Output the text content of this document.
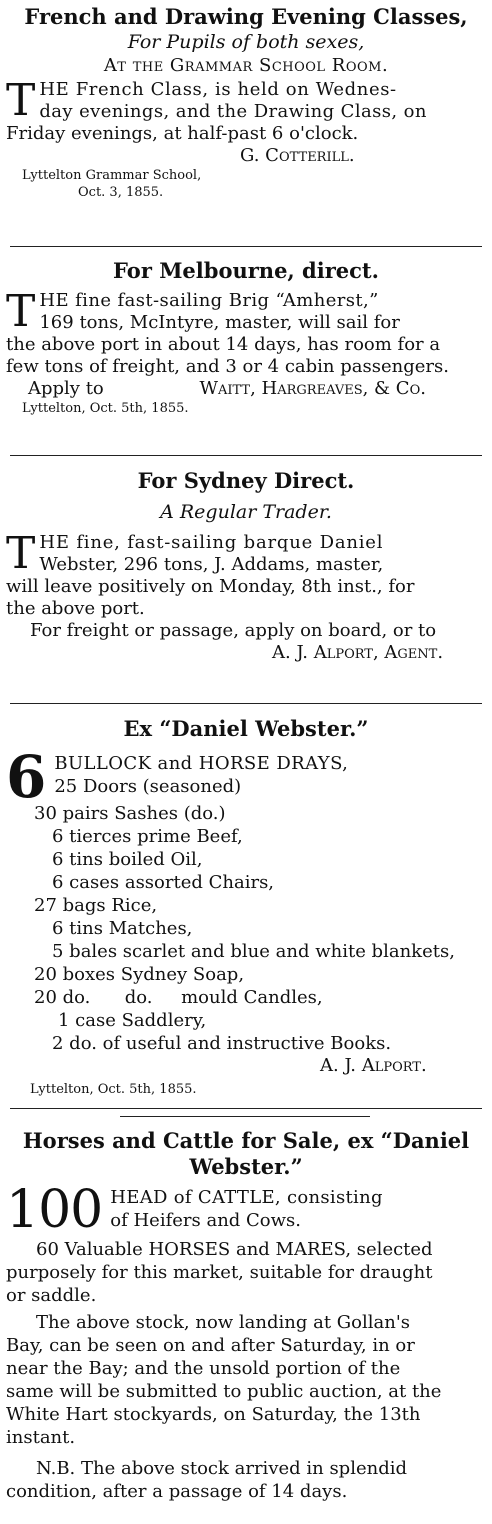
French and Drawing Evening Classes,
For Pupils of both sexes,
At the Grammar School Room.
T HE French Class, is held on Wednes-
day evenings, and the Drawing Class, on
Friday evenings, at half-past 6 o'clock.
G. Cotterill.
Lyttelton Grammar School,
Oct. 3, 1855.
For Melbourne, direct.
T HE fine fast-sailing Brig “Amherst,”
169 tons, McIntyre, master, will sail for
the above port in about 14 days, has room for a
few tons of freight, and 3 or 4 cabin passengers.
Apply to	Waitt, Hargreaves, & Co.
Lyttelton, Oct. 5th, 1855.
For Sydney Direct.
A Regular Trader.
T HE fine, fast-sailing barque Daniel
Webster, 296 tons, J. Addams, master,
will leave positively on Monday, 8th inst., for
the above port.
For freight or passage, apply on board, or to
A. J. Alport, Agent.
Ex “Daniel Webster.”
6 BULLOCK and HORSE DRAYS,
25 Doors (seasoned)
30 pairs Sashes (do.)
6 tierces prime Beef,
6 tins boiled Oil,
6 cases assorted Chairs,
27 bags Rice,
6 tins Matches,
5 bales scarlet and blue and white blankets,
20 boxes Sydney Soap,
20 do.      do.     mould Candles,
1 case Saddlery,
2 do. of useful and instructive Books.
A. J. Alport.
Lyttelton, Oct. 5th, 1855.
Horses and Cattle for Sale, ex “Daniel
Webster.”
100 HEAD of CATTLE, consisting
of Heifers and Cows.
60 Valuable HORSES and MARES, selected
purposely for this market, suitable for draught
or saddle.
The above stock, now landing at Gollan's
Bay, can be seen on and after Saturday, in or
near the Bay; and the unsold portion of the
same will be submitted to public auction, at the
White Hart stockyards, on Saturday, the 13th
instant.
N.B. The above stock arrived in splendid
condition, after a passage of 14 days.
